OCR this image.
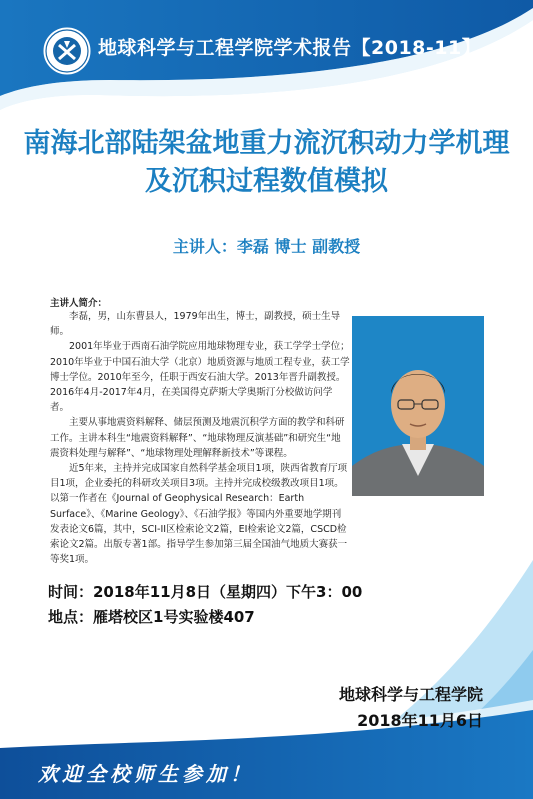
地球科学与工程学院学术报告【2018-11】
南海北部陆架盆地重力流沉积动力学机理
及沉积过程数值模拟
主讲人：李磊 博士 副教授
主讲人简介：

李磊，男，山东曹县人，1979年出生，博士，副教授，硕士生导师。

2001年毕业于西南石油学院应用地球物理专业，获工学学士学位；2010年毕业于中国石油大学（北京）地质资源与地质工程专业，获工学博士学位。2010年至今，任职于西安石油大学。2013年晋升副教授。2016年4月-2017年4月，在美国得克萨斯大学奥斯汀分校做访问学者。

主要从事地震资料解释、储层预测及地震沉积学方面的教学和科研工作。主讲本科生“地震资料解释”、“地球物理反演基础”和研究生“地震资料处理与解释”、“地球物理处理解释新技术”等课程。

近5年来，主持并完成国家自然科学基金项目1项，陕西省教育厅项目1项，企业委托的科研攻关项目3项。主持并完成校级教改项目1项。以第一作者在《Journal of Geophysical Research：Earth Surface》、《Marine Geology》、《石油学报》等国内外重要地学期刊发表论文6篇，其中，SCI-II区检索论文2篇，EI检索论文2篇，CSCD检索论文2篇。出版专著1部。指导学生参加第三届全国油气地质大赛获一等奖1项。

时间：2018年11月8日（星期四）下午3：00
地点：雁塔校区1号实验楼407
地球科学与工程学院
2018年11月6日
欢迎全校师生参加！
